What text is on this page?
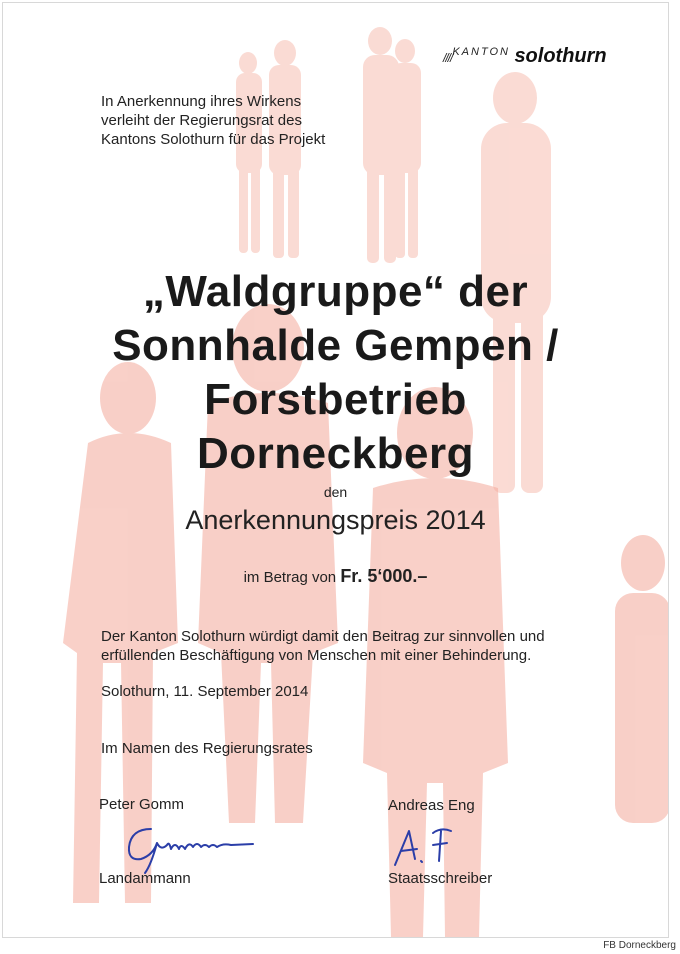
////$^{KANTON}$ solothurn
In Anerkennung ihres Wirkens
verleiht der Regierungsrat des
Kantons Solothurn für das Projekt
„Waldgruppe“ der
Sonnhalde Gempen /
Forstbetrieb
Dorneckberg
den
Anerkennungspreis 2014
im Betrag von Fr. 5‘000.–
Der Kanton Solothurn würdigt damit den Beitrag zur sinnvollen und
erfüllenden Beschäftigung von Menschen mit einer Behinderung.
Solothurn, 11. September 2014
Im Namen des Regierungsrates
Peter Gomm	Andreas Eng
Landammann	Staatsschreiber
FB Dorneckberg
